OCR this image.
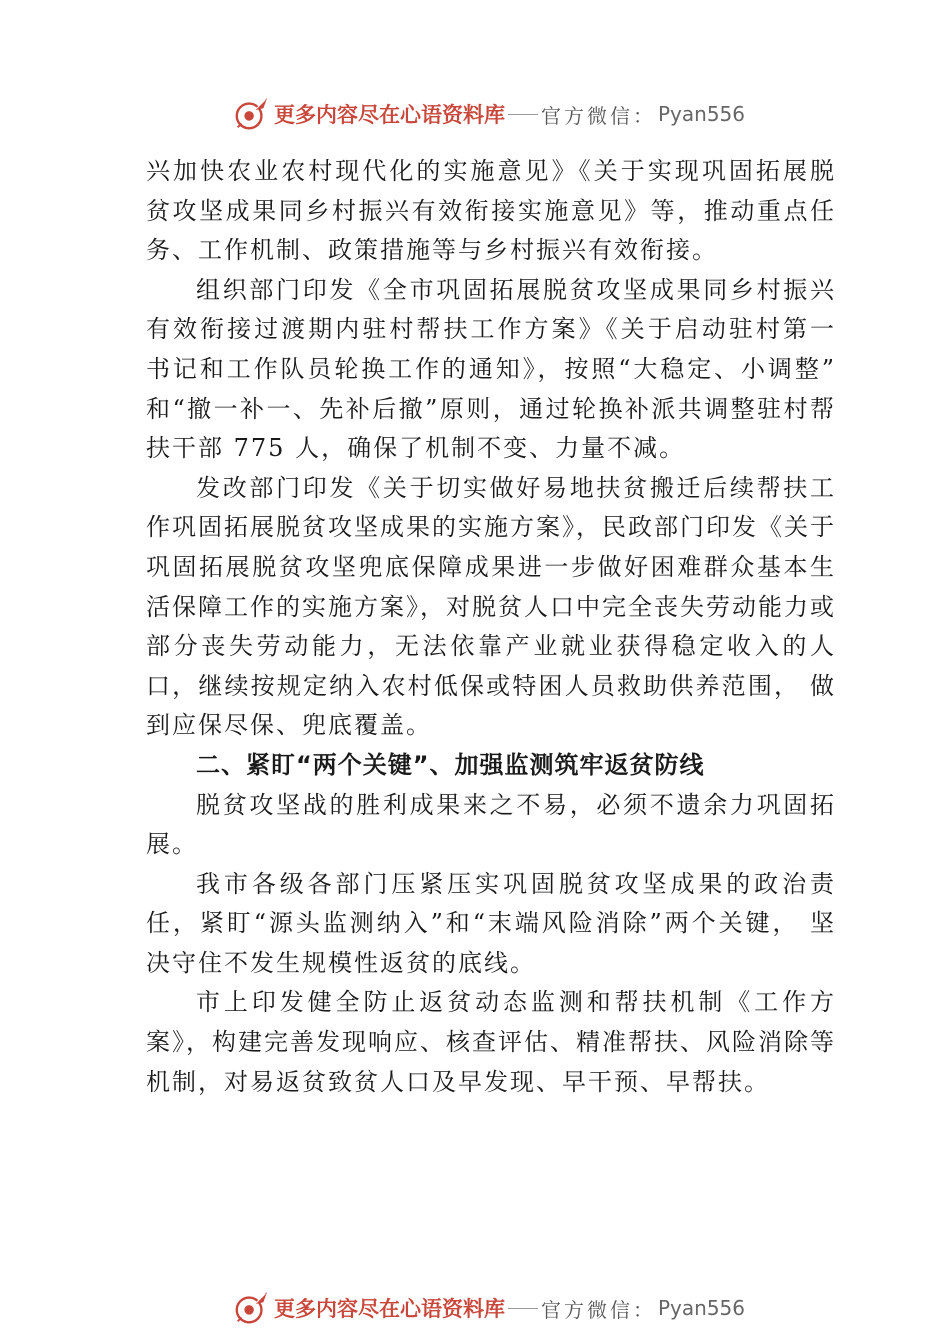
更多内容尽在心语资料库 官方微信： Pyan556

兴加快农业农村现代化的实施意见》《关于实现巩固拓展脱 贫攻坚成果同乡村振兴有效衔接实施意见》等，推动重点任务、工作机制、政策措施等与乡村振兴有效衔接。

组织部门印发《全市巩固拓展脱贫攻坚成果同乡村振兴有效衔接过渡期内驻村帮扶工作方案》《关于启动驻村第一 书记和工作队员轮换工作的通知》，按照“大稳定、小调整” 和“撤一补一、先补后撤”原则，通过轮换补派共调整驻村帮扶干部 775 人，确保了机制不变、力量不减。

发改部门印发《关于切实做好易地扶贫搬迁后续帮扶工作巩固拓展脱贫攻坚成果的实施方案》，民政部门印发《关于巩固拓展脱贫攻坚兜底保障成果进一步做好困难群众基本生活保障工作的实施方案》，对脱贫人口中完全丧失劳动能力或部分丧失劳动能力，无法依靠产业就业获得稳定收入的人口，继续按规定纳入农村低保或特困人员救助供养范围， 做到应保尽保、兜底覆盖。

二、紧盯“两个关键”、加强监测筑牢返贫防线

脱贫攻坚战的胜利成果来之不易，必须不遗余力巩固拓展。

我市各级各部门压紧压实巩固脱贫攻坚成果的政治责任，紧盯“源头监测纳入”和“末端风险消除”两个关键， 坚决守住不发生规模性返贫的底线。

市上印发健全防止返贫动态监测和帮扶机制《工作方案》，构建完善发现响应、核查评估、精准帮扶、风险消除等机制，对易返贫致贫人口及早发现、早干预、早帮扶。

更多内容尽在心语资料库 官方微信： Pyan556
